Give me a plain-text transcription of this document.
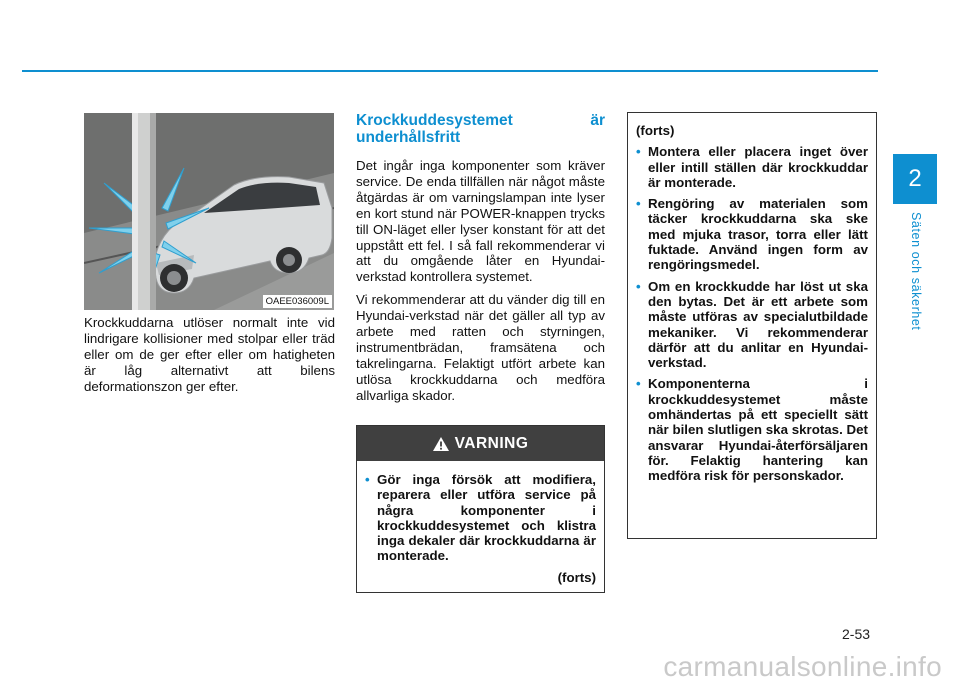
2
Säten och säkerhet
OAEE036009L

Krockkuddarna utlöser normalt inte vid lindrigare kollisioner med stolpar eller träd eller om de ger efter eller om hatigheten är låg alternativt att bilens deformationszon ger efter.

Krockkuddesystemet är underhållsfritt

Det ingår inga komponenter som kräver service. De enda tillfällen när något måste åtgärdas är om varningslampan inte lyser en kort stund när POWER-knappen trycks till ON-läget eller lyser konstant för att det uppstått ett fel. I så fall rekommenderar vi att du omgående låter en Hyundai-verkstad kontrollera systemet.

Vi rekommenderar att du vänder dig till en Hyundai-verkstad när det gäller all typ av arbete med ratten och styrningen, instrumentbrädan, framsätena och takrelingarna. Felaktigt utfört arbete kan utlösa krockkuddarna och medföra allvarliga skador.

VARNING
• Gör inga försök att modifiera, reparera eller utföra service på några komponenter i krockkuddesystemet och klistra inga dekaler där krockkuddarna är monterade.
(forts)
(forts)
• Montera eller placera inget över eller intill ställen där krockkuddar är monterade.
• Rengöring av materialen som täcker krockkuddarna ska ske med mjuka trasor, torra eller lätt fuktade. Använd ingen form av rengöringsmedel.
• Om en krockkudde har löst ut ska den bytas. Det är ett arbete som måste utföras av specialutbildade mekaniker. Vi rekommenderar därför att du anlitar en Hyundai-verkstad.
• Komponenterna i krockkuddesystemet måste omhändertas på ett speciellt sätt när bilen slutligen ska skrotas. Det ansvarar Hyundai-återförsäljaren för. Felaktig hantering kan medföra risk för personskador.
2-53
carmanualsonline.info
